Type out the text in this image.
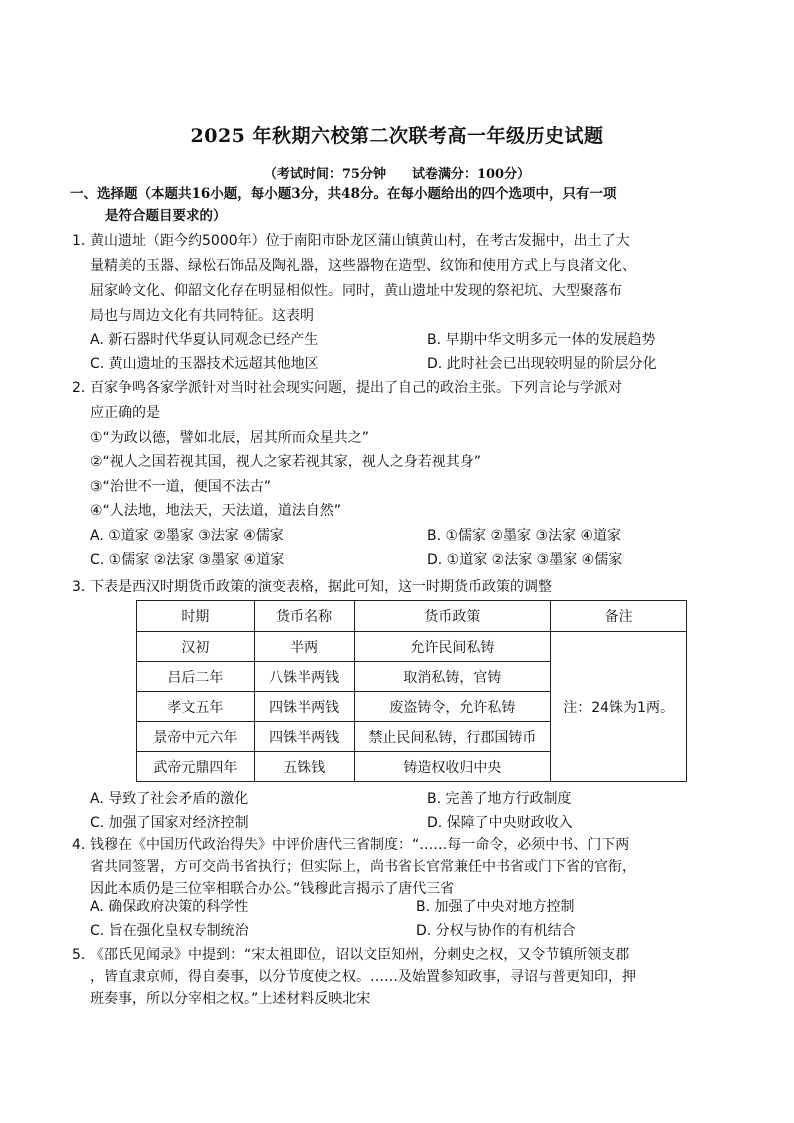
2025 年秋期六校第二次联考高一年级历史试题
（考试时间：75分钟　　试卷满分：100分）
一、选择题（本题共16小题，每小题3分，共48分。在每小题给出的四个选项中，只有一项
是符合题目要求的）
1．黄山遗址（距今约5000年）位于南阳市卧龙区蒲山镇黄山村，在考古发掘中，出土了大
量精美的玉器、绿松石饰品及陶礼器，这些器物在造型、纹饰和使用方式上与良渚文化、
屈家岭文化、仰韶文化存在明显相似性。同时，黄山遗址中发现的祭祀坑、大型聚落布
局也与周边文化有共同特征。这表明
A. 新石器时代华夏认同观念已经产生	B. 早期中华文明多元一体的发展趋势
C. 黄山遗址的玉器技术远超其他地区	D. 此时社会已出现较明显的阶层分化
2．百家争鸣各家学派针对当时社会现实问题，提出了自己的政治主张。下列言论与学派对
应正确的是
①“为政以德，譬如北辰，居其所而众星共之”
②“视人之国若视其国，视人之家若视其家，视人之身若视其身”
③“治世不一道，便国不法古”
④“人法地，地法天，天法道，道法自然”
A. ①道家 ②墨家 ③法家 ④儒家	B. ①儒家 ②墨家 ③法家 ④道家
C. ①儒家 ②法家 ③墨家 ④道家	D. ①道家 ②法家 ③墨家 ④儒家
3．下表是西汉时期货币政策的演变表格，据此可知，这一时期货币政策的调整
时期	货币名称	货币政策	备注
汉初	半两	允许民间私铸	注：24铢为1两。
吕后二年	八铢半两钱	取消私铸，官铸	
孝文五年	四铢半两钱	废盗铸令，允许私铸	
景帝中元六年	四铢半两钱	禁止民间私铸，行郡国铸币	
武帝元鼎四年	五铢钱	铸造权收归中央	
A. 导致了社会矛盾的激化	B. 完善了地方行政制度
C. 加强了国家对经济控制	D. 保障了中央财政收入
4．钱穆在《中国历代政治得失》中评价唐代三省制度：“……每一命令，必须中书、门下两
省共同签署，方可交尚书省执行；但实际上，尚书省长官常兼任中书省或门下省的官衔，
因此本质仍是三位宰相联合办公。”钱穆此言揭示了唐代三省
A. 确保政府决策的科学性	B. 加强了中央对地方控制
C. 旨在强化皇权专制统治	D. 分权与协作的有机结合
5．《邵氏见闻录》中提到：“宋太祖即位，诏以文臣知州，分刺史之权，又令节镇所领支郡
，皆直隶京师，得自奏事，以分节度使之权。……及始置参知政事，寻诏与普更知印，押
班奏事，所以分宰相之权。”上述材料反映北宋
